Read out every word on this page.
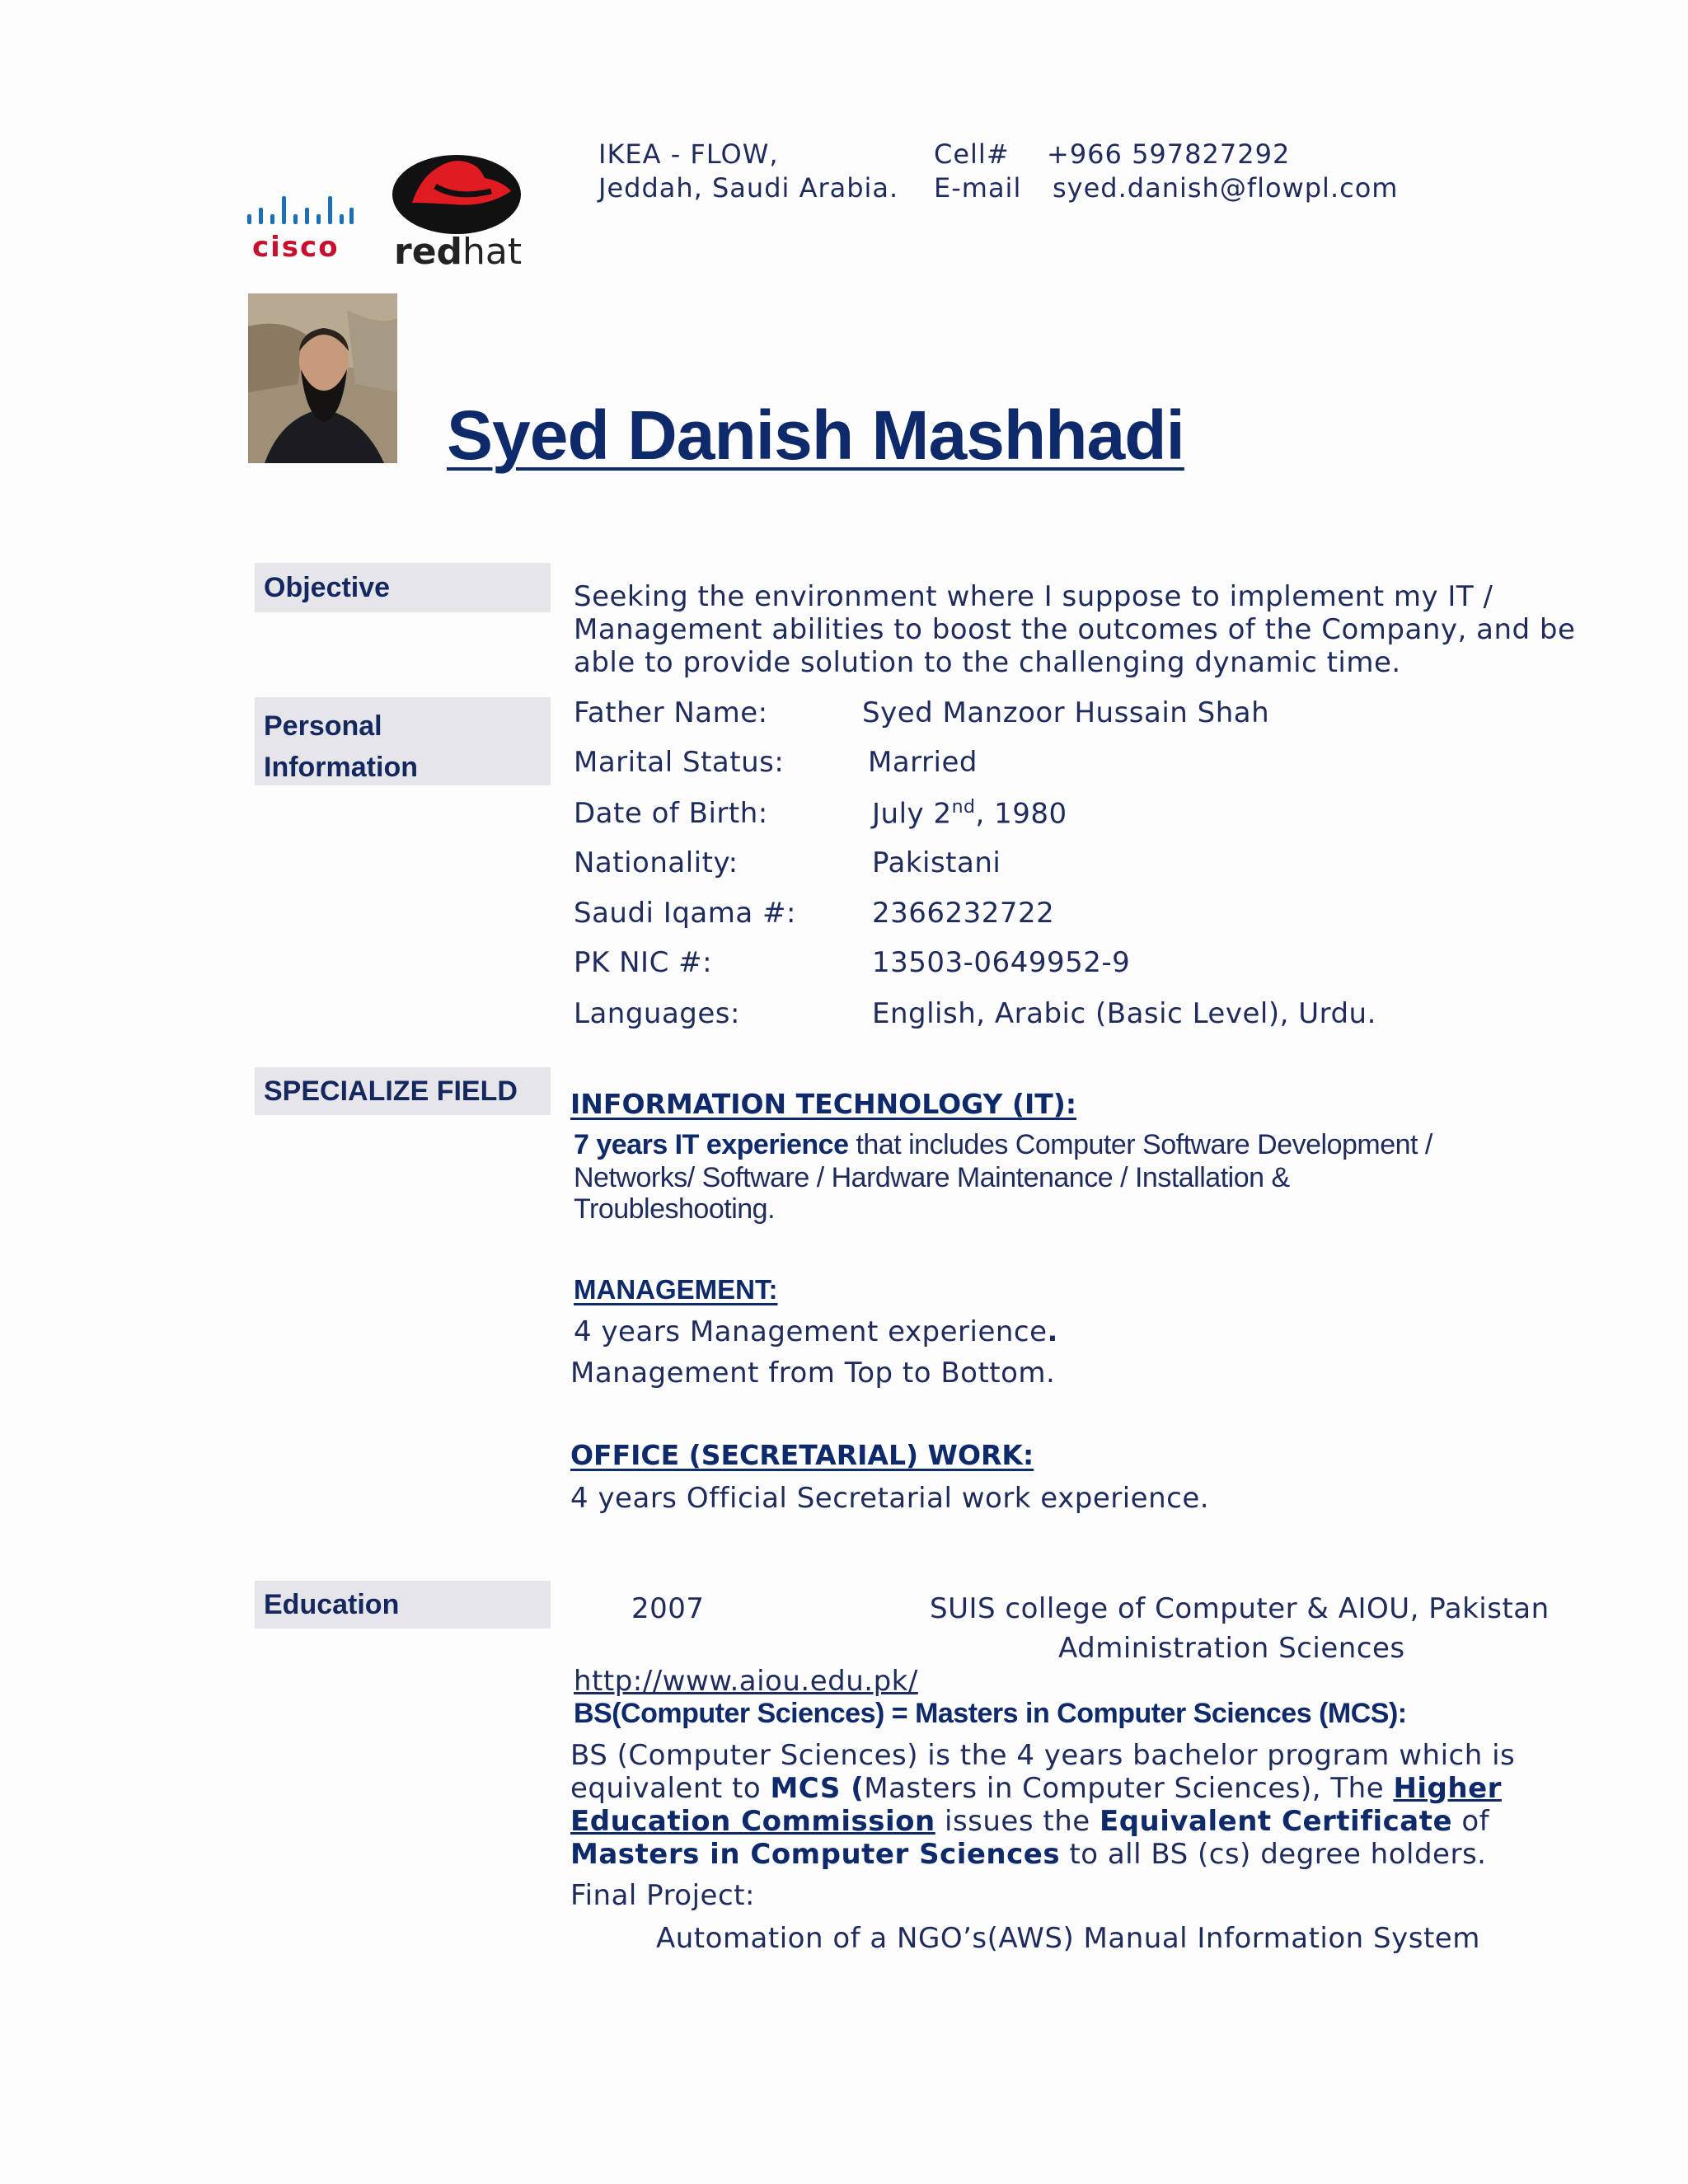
IKEA - FLOW,
Jeddah, Saudi Arabia.
Cell# +966 597827292
E-mail syed.danish@flowpl.com
cisco redhat
Syed Danish Mashhadi
Objective	Seeking the environment where I suppose to implement my IT /
Management abilities to boost the outcomes of the Company, and be
able to provide solution to the challenging dynamic time.
Personal
Information
Father Name:	Syed Manzoor Hussain Shah
Marital Status:	Married
Date of Birth:	July 2nd, 1980
Nationality:	Pakistani
Saudi Iqama #:	2366232722
PK NIC #:	13503-0649952-9
Languages:	English, Arabic (Basic Level), Urdu.
SPECIALIZE FIELD	INFORMATION TECHNOLOGY (IT):
7 years IT experience that includes Computer Software Development /
Networks/ Software / Hardware Maintenance / Installation &
Troubleshooting.
MANAGEMENT:
4 years Management experience.
Management from Top to Bottom.
OFFICE (SECRETARIAL) WORK:
4 years Official Secretarial work experience.
Education	2007	SUIS college of Computer & AIOU, Pakistan
Administration Sciences
http://www.aiou.edu.pk/
BS(Computer Sciences) = Masters in Computer Sciences (MCS):
BS (Computer Sciences) is the 4 years bachelor program which is
equivalent to MCS (Masters in Computer Sciences), The Higher
Education Commission issues the Equivalent Certificate of
Masters in Computer Sciences to all BS (cs) degree holders.
Final Project:
Automation of a NGO’s(AWS) Manual Information System
